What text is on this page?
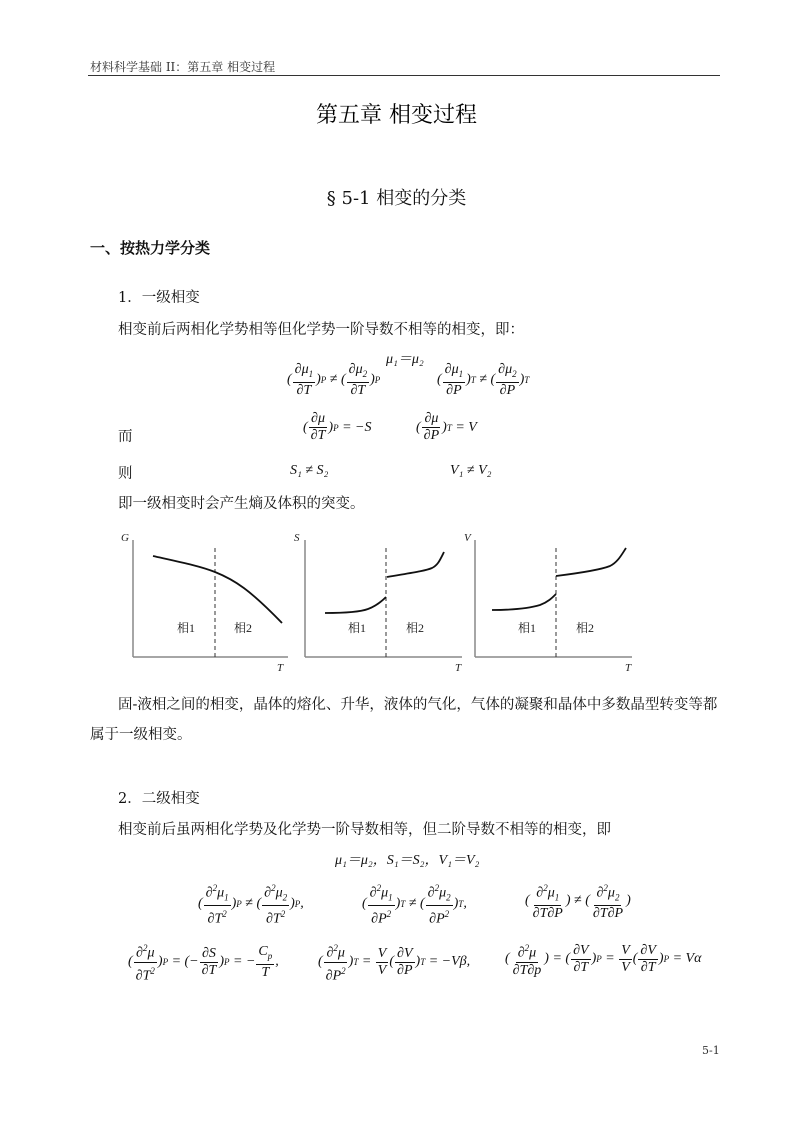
材料科学基础 II：第五章 相变过程
第五章 相变过程
§ 5-1 相变的分类
一、按热力学分类
1．一级相变
相变前后两相化学势相等但化学势一阶导数不相等的相变，即：
μ₁＝μ₂
( $\frac{\partial\mu_1}{\partial T}$ ) P ≠ ( $\frac{\partial\mu_2}{\partial T}$ ) P	( $\frac{\partial\mu_1}{\partial P}$ ) T ≠ ( $\frac{\partial\mu_2}{\partial P}$ ) T
而
( $\frac{\partial\mu}{\partial T}$ ) P = −S	( $\frac{\partial\mu}{\partial P}$ ) T = V
则	S₁ ≠ S₂	V₁ ≠ V₂
即一级相变时会产生熵及体积的突变。
G
相1	相2
T
S
相1	相2
T
V
相1	相2
T
固-液相之间的相变，晶体的熔化、升华，液体的气化，气体的凝聚和晶体中多数晶型转变等都属于一级相变。
2．二级相变
相变前后虽两相化学势及化学势一阶导数相等，但二阶导数不相等的相变，即
μ₁＝μ₂，S₁＝S₂，V₁＝V₂
( $\frac{\partial^2\mu_1}{\partial T^2}$ ) P ≠ ( $\frac{\partial^2\mu_2}{\partial T^2}$ ) P ,	( $\frac{\partial^2\mu_1}{\partial P^2}$ ) T ≠ ( $\frac{\partial^2\mu_2}{\partial P^2}$ ) T ,	( $\frac{\partial^2\mu_1}{\partial T\partial P}$ ) ≠ ( $\frac{\partial^2\mu_2}{\partial T\partial P}$ )
( $\frac{\partial^2\mu}{\partial T^2}$ ) P = (− $\frac{\partial S}{\partial T}$ ) P = − $\frac{C_p}{T}$ ,	( $\frac{\partial^2\mu}{\partial P^2}$ ) $T = \frac{V}{V}$ ( $\frac{\partial V}{\partial P}$ ) T = −Vβ, ( $\frac{\partial^2\mu}{\partial T\partial p}$ ) = ( $\frac{\partial V}{\partial T}$ ) $P = \frac{V}{V}$ ( $\frac{\partial V}{\partial T}$ ) P = Vα
5-1
